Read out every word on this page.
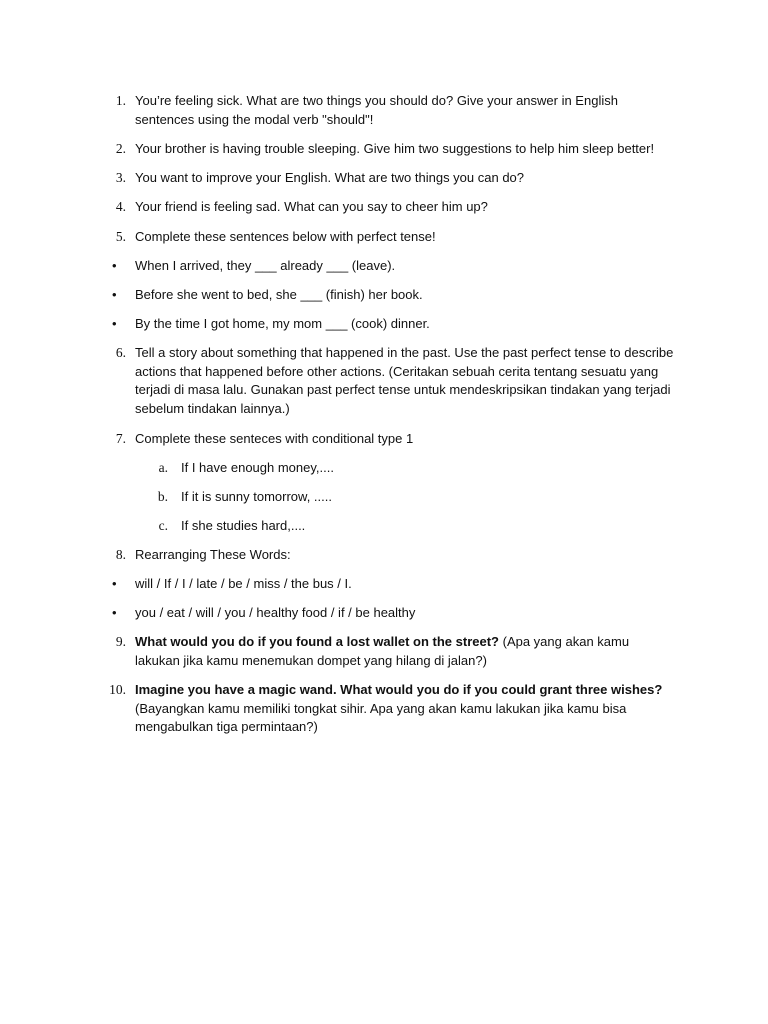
1. You’re feeling sick. What are two things you should do? Give your answer in English sentences using the modal verb "should"!
2. Your brother is having trouble sleeping. Give him two suggestions to help him sleep better!
3. You want to improve your English. What are two things you can do?
4. Your friend is feeling sad. What can you say to cheer him up?
5. Complete these sentences below with perfect tense!
• When I arrived, they ___ already ___ (leave).
• Before she went to bed, she ___ (finish) her book.
• By the time I got home, my mom ___ (cook) dinner.
6. Tell a story about something that happened in the past. Use the past perfect tense to describe actions that happened before other actions. (Ceritakan sebuah cerita tentang sesuatu yang terjadi di masa lalu. Gunakan past perfect tense untuk mendeskripsikan tindakan yang terjadi sebelum tindakan lainnya.)
7. Complete these senteces with conditional type 1
a. If I have enough money,....
b. If it is sunny tomorrow, .....
c. If she studies hard,....
8. Rearranging These Words:
• will / If / I / late / be / miss / the bus / I.
• you / eat / will / you / healthy food / if / be healthy
9. What would you do if you found a lost wallet on the street? (Apa yang akan kamu lakukan jika kamu menemukan dompet yang hilang di jalan?)
10. Imagine you have a magic wand. What would you do if you could grant three wishes? (Bayangkan kamu memiliki tongkat sihir. Apa yang akan kamu lakukan jika kamu bisa mengabulkan tiga permintaan?)
